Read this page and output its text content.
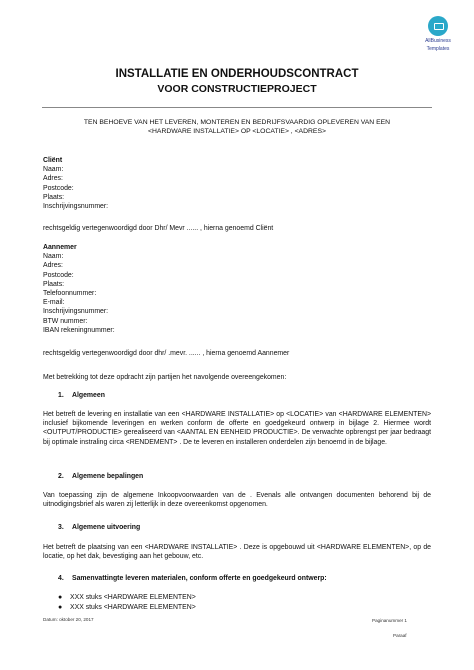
AllBusiness
Templates
INSTALLATIE EN ONDERHOUDSCONTRACT
VOOR CONSTRUCTIEPROJECT
TEN BEHOEVE VAN HET LEVEREN, MONTEREN EN BEDRIJFSVAARDIG OPLEVEREN VAN EEN
<HARDWARE INSTALLATIE> OP <LOCATIE> , <ADRES>
Cliënt
Naam:
Adres:
Postcode:
Plaats:
Inschrijvingsnummer:
rechtsgeldig vertegenwoordigd door Dhr/ Mevr ...... , hierna genoemd Cliënt
Aannemer
Naam:
Adres:
Postcode:
Plaats:
Telefoonnummer:
E-mail:
Inschrijvingsnummer:
BTW nummer:
IBAN rekeningnummer:
rechtsgeldig vertegenwoordigd door dhr/ .mevr. ...... , hierna genoemd Aannemer
Met betrekking tot deze opdracht zijn partijen het navolgende overeengekomen:
1. Algemeen
Het betreft de levering en installatie van een <HARDWARE INSTALLATIE> op <LOCATIE> van <HARDWARE ELEMENTEN> inclusief bijkomende leveringen en werken conform de offerte en goedgekeurd ontwerp in bijlage 2. Hiermee wordt <OUTPUT/PRODUCTIE> gerealiseerd van <AANTAL EN EENHEID PRODUCTIE>. De verwachte opbrengst per jaar bedraagt bij optimale instraling circa <RENDEMENT> . De te leveren en installeren onderdelen zijn benoemd in de bijlage.
2. Algemene bepalingen
Van toepassing zijn de algemene Inkoopvoorwaarden van de . Evenals alle ontvangen documenten behorend bij de uitnodigingsbrief als waren zij letterlijk in deze overeenkomst opgenomen.
3. Algemene uitvoering
Het betreft de plaatsing van een <HARDWARE INSTALLATIE> . Deze is opgebouwd uit <HARDWARE ELEMENTEN>, op de locatie, op het dak, bevestiging aan het gebouw, etc.
4. Samenvattingte leveren materialen, conform offerte en goedgekeurd ontwerp:
● XXX stuks <HARDWARE ELEMENTEN>
● XXX stuks <HARDWARE ELEMENTEN>
Datum: oktober 20, 2017	Paginanummer 1
Paraaf
